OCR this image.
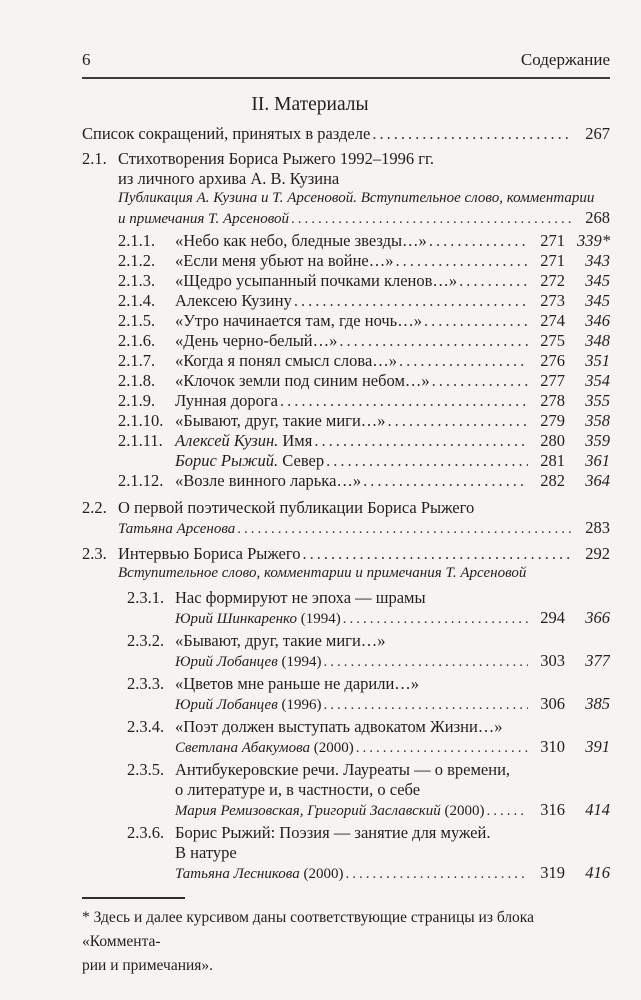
6	Содержание
II. Материалы
Список сокращений, принятых в разделе .....	267
2.1. Стихотворения Бориса Рыжего 1992–1996 гг.
из личного архива А. В. Кузина
Публикация А. Кузина и Т. Арсеновой. Вступительное слово, комментарии
и примечания Т. Арсеновой .....	268
2.1.1.	«Небо как небо, бледные звезды…» .....	271 339*
2.1.2.	«Если меня убьют на войне…» .....	271	343
2.1.3.	«Щедро усыпанный почками кленов…» .....	272	345
2.1.4.	Алексею Кузину .....	273	345
2.1.5.	«Утро начинается там, где ночь…» .....	274	346
2.1.6.	«День черно-белый…» .....	275	348
2.1.7.	«Когда я понял смысл слова…» .....	276	351
2.1.8.	«Клочок земли под синим небом…» .....	277	354
2.1.9.	Лунная дорога .....	278	355
2.1.10. «Бывают, друг, такие миги…» .....	279	358
2.1.11. Алексей Кузин. Имя .....	280	359
Борис Рыжий. Север .....	281	361
2.1.12. «Возле винного ларька…» .....	282	364
2.2. О первой поэтической публикации Бориса Рыжего
Татьяна Арсенова .....	283
2.3. Интервью Бориса Рыжего .....	292
Вступительное слово, комментарии и примечания Т. Арсеновой
2.3.1. Нас формируют не эпоха — шрамы
Юрий Шинкаренко (1994) .....	294	366
2.3.2. «Бывают, друг, такие миги…»
Юрий Лобанцев (1994) .....	303	377
2.3.3. «Цветов мне раньше не дарили…»
Юрий Лобанцев (1996) .....	306	385
2.3.4. «Поэт должен выступать адвокатом Жизни…»
Светлана Абакумова (2000) .....	310	391
2.3.5. Антибукеровские речи. Лауреаты — о времени,
о литературе и, в частности, о себе
Мария Ремизовская, Григорий Заславский (2000) .....	316	414
2.3.6. Борис Рыжий: Поэзия — занятие для мужей.
В натуре
Татьяна Лесникова (2000) .....	319	416
* Здесь и далее курсивом даны соответствующие страницы из блока «Коммента-
рии и примечания».
